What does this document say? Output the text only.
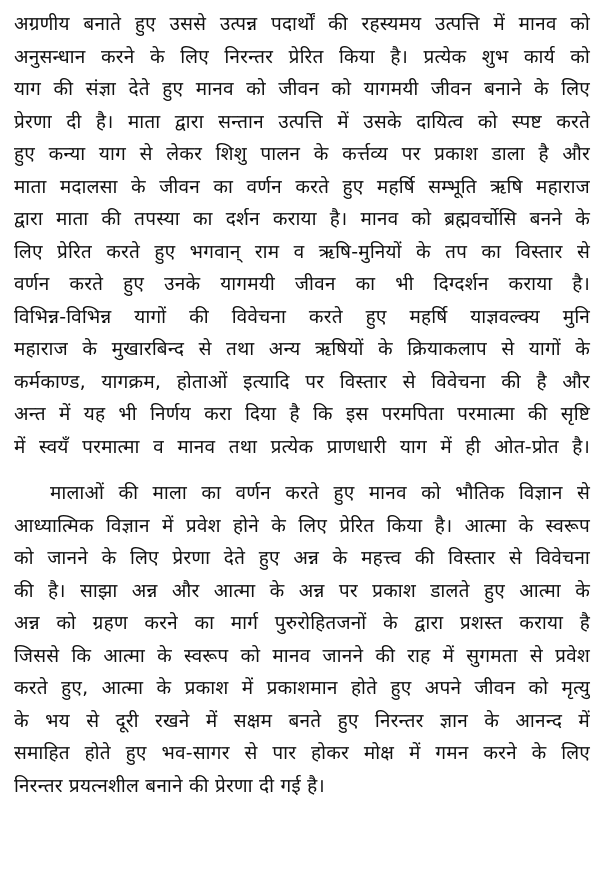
अग्रणीय बनाते हुए उससे उत्पन्न पदार्थों की रहस्यमय उत्पत्ति में मानव को
अनुसन्धान करने के लिए निरन्तर प्रेरित किया है। प्रत्येक शुभ कार्य को
याग की संज्ञा देते हुए मानव को जीवन को यागमयी जीवन बनाने के लिए
प्रेरणा दी है। माता द्वारा सन्तान उत्पत्ति में उसके दायित्व को स्पष्ट करते
हुए कन्या याग से लेकर शिशु पालन के कर्त्तव्य पर प्रकाश डाला है और
माता मदालसा के जीवन का वर्णन करते हुए महर्षि सम्भूति ऋषि महाराज
द्वारा माता की तपस्या का दर्शन कराया है। मानव को ब्रह्मवर्चोसि बनने के
लिए प्रेरित करते हुए भगवान् राम व ऋषि-मुनियों के तप का विस्तार से
वर्णन करते हुए उनके यागमयी जीवन का भी दिग्दर्शन कराया है।
विभिन्न-विभिन्न यागों की विवेचना करते हुए महर्षि याज्ञवल्क्य मुनि
महाराज के मुखारबिन्द से तथा अन्य ऋषियों के क्रियाकलाप से यागों के
कर्मकाण्ड, यागक्रम, होताओं इत्यादि पर विस्तार से विवेचना की है और
अन्त में यह भी निर्णय करा दिया है कि इस परमपिता परमात्मा की सृष्टि
में स्वयँ परमात्मा व मानव तथा प्रत्येक प्राणधारी याग में ही ओत-प्रोत है।
मालाओं की माला का वर्णन करते हुए मानव को भौतिक विज्ञान से
आध्यात्मिक विज्ञान में प्रवेश होने के लिए प्रेरित किया है। आत्मा के स्वरूप
को जानने के लिए प्रेरणा देते हुए अन्न के महत्त्व की विस्तार से विवेचना
की है। साझा अन्न और आत्मा के अन्न पर प्रकाश डालते हुए आत्मा के
अन्न को ग्रहण करने का मार्ग पुरुरोहितजनों के द्वारा प्रशस्त कराया है
जिससे कि आत्मा के स्वरूप को मानव जानने की राह में सुगमता से प्रवेश
करते हुए, आत्मा के प्रकाश में प्रकाशमान होते हुए अपने जीवन को मृत्यु
के भय से दूरी रखने में सक्षम बनते हुए निरन्तर ज्ञान के आनन्द में
समाहित होते हुए भव-सागर से पार होकर मोक्ष में गमन करने के लिए
निरन्तर प्रयत्नशील बनाने की प्रेरणा दी गई है।
